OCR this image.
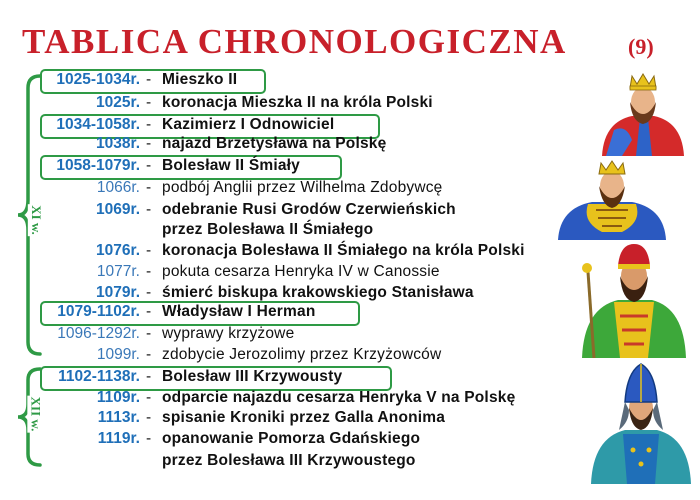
TABLICA CHRONOLOGICZNA	(9)
XI w.
XII w.
1025-1034r. - Mieszko II
1025r. - koronacja Mieszka II na króla Polski
1034-1058r. - Kazimierz I Odnowiciel
1038r. - najazd Brzetysława na Polskę
1058-1079r. - Bolesław II Śmiały
1066r. - podbój Anglii przez Wilhelma Zdobywcę
1069r. - odebranie Rusi Grodów Czerwieńskich
przez Bolesława II Śmiałego
1076r. - koronacja Bolesława II Śmiałego na króla Polski
1077r. - pokuta cesarza Henryka IV w Canossie
1079r. - śmierć biskupa krakowskiego Stanisława
1079-1102r. - Władysław I Herman
1096-1292r. - wyprawy krzyżowe
1099r. - zdobycie Jerozolimy przez Krzyżowców
1102-1138r. - Bolesław III Krzywousty
1109r. - odparcie najazdu cesarza Henryka V na Polskę
1113r. - spisanie Kroniki przez Galla Anonima
1119r. - opanowanie Pomorza Gdańskiego
przez Bolesława III Krzywoustego
